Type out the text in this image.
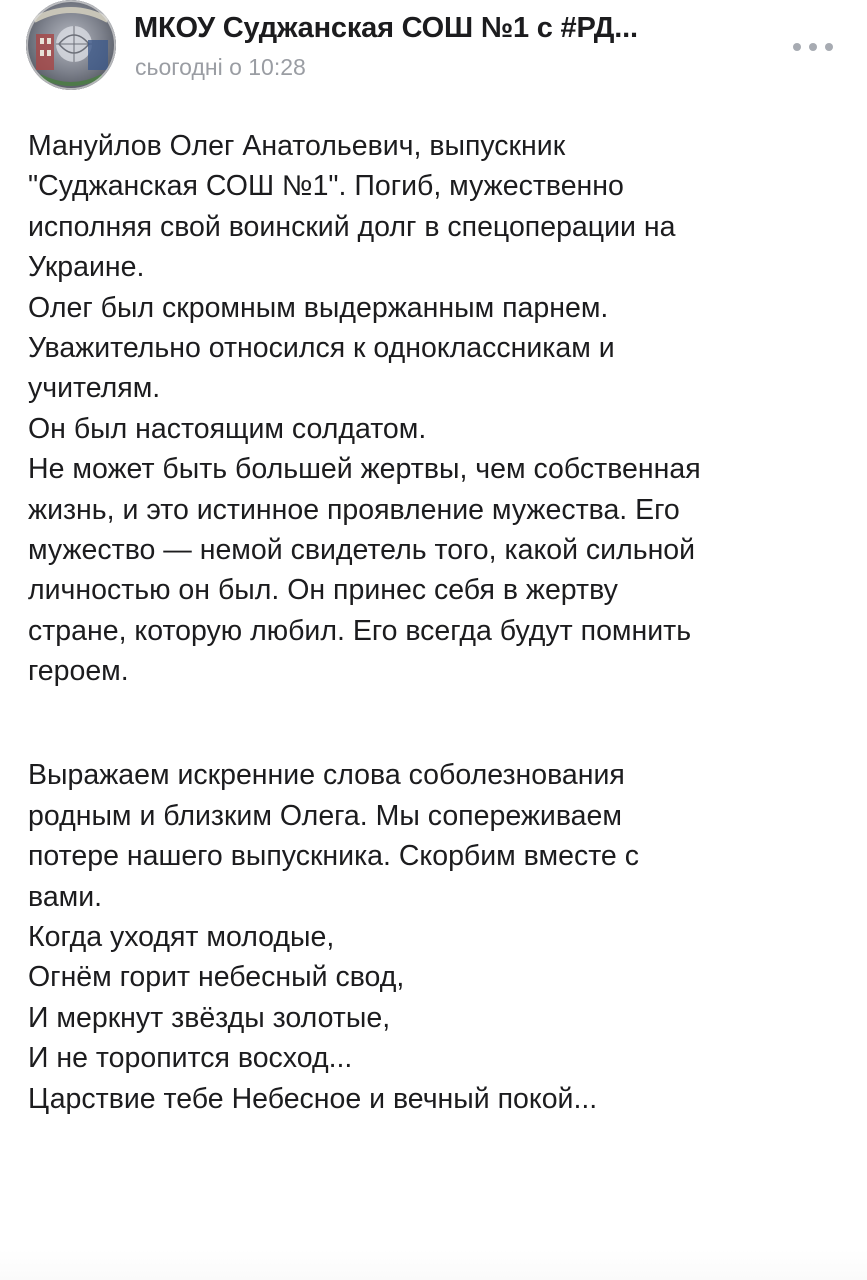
МКОУ Суджанская СОШ №1 с #РД...
сьогодні о 10:28
Мануйлов Олег Анатольевич, выпускник
"Суджанская СОШ №1". Погиб, мужественно
исполняя свой воинский долг в спецоперации на
Украине.
Олег был скромным выдержанным парнем.
Уважительно относился к одноклассникам и
учителям.
Он был настоящим солдатом.
Не может быть большей жертвы, чем собственная
жизнь, и это истинное проявление мужества. Его
мужество — немой свидетель того, какой сильной
личностью он был. Он принес себя в жертву
стране, которую любил. Его всегда будут помнить
героем.
Выражаем искренние слова соболезнования
родным и близким Олега. Мы сопереживаем
потере нашего выпускника. Скорбим вместе с
вами.
Когда уходят молодые,
Огнём горит небесный свод,
И меркнут звёзды золотые,
И не торопится восход...
Царствие тебе Небесное и вечный покой...
